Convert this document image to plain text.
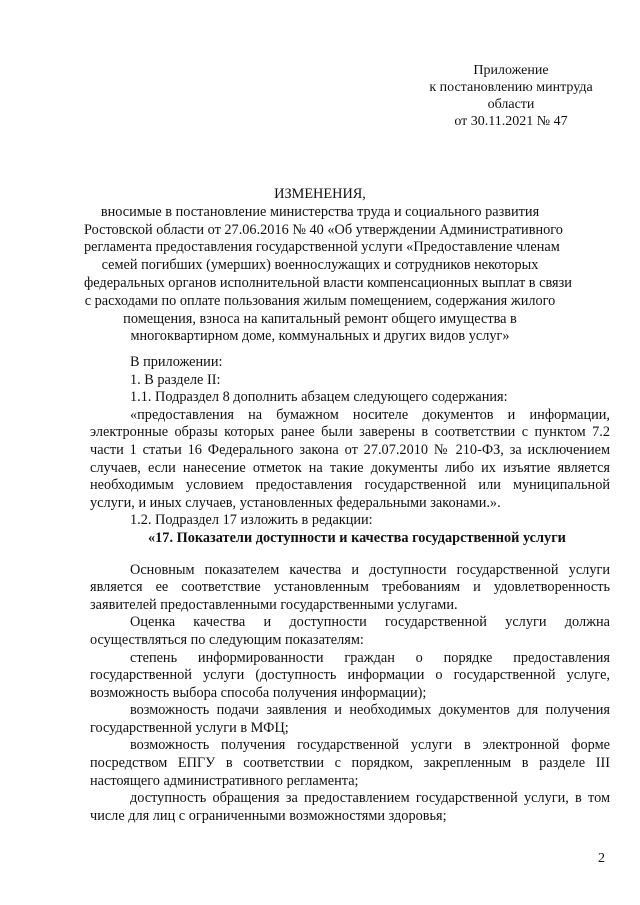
Приложение
к постановлению минтруда
области
от 30.11.2021 № 47
ИЗМЕНЕНИЯ,
вносимые в постановление министерства труда и социального развития
Ростовской области от 27.06.2016 № 40 «Об утверждении Административного
регламента предоставления государственной услуги «Предоставление членам
семей погибших (умерших) военнослужащих и сотрудников некоторых
федеральных органов исполнительной власти компенсационных выплат в связи
с расходами по оплате пользования жилым помещением, содержания жилого
помещения, взноса на капитальный ремонт общего имущества в
многоквартирном доме, коммунальных и других видов услуг»

В приложении:

1. В разделе II:

1.1. Подраздел 8 дополнить абзацем следующего содержания:

«предоставления на бумажном носителе документов и информации, электронные образы которых ранее были заверены в соответствии с пунктом 7.2 части 1 статьи 16 Федерального закона от 27.07.2010 № 210-ФЗ, за исключением случаев, если нанесение отметок на такие документы либо их изъятие является необходимым условием предоставления государственной или муниципальной услуги, и иных случаев, установленных федеральными законами.».

1.2. Подраздел 17 изложить в редакции:

«17. Показатели доступности и качества государственной услуги

Основным показателем качества и доступности государственной услуги является ее соответствие установленным требованиям и удовлетворенность заявителей предоставленными государственными услугами.

Оценка качества и доступности государственной услуги должна осуществляться по следующим показателям:

степень информированности граждан о порядке предоставления государственной услуги (доступность информации о государственной услуге, возможность выбора способа получения информации);

возможность подачи заявления и необходимых документов для получения государственной услуги в МФЦ;

возможность получения государственной услуги в электронной форме посредством ЕПГУ в соответствии с порядком, закрепленным в разделе III настоящего административного регламента;

доступность обращения за предоставлением государственной услуги, в том числе для лиц с ограниченными возможностями здоровья;

2
